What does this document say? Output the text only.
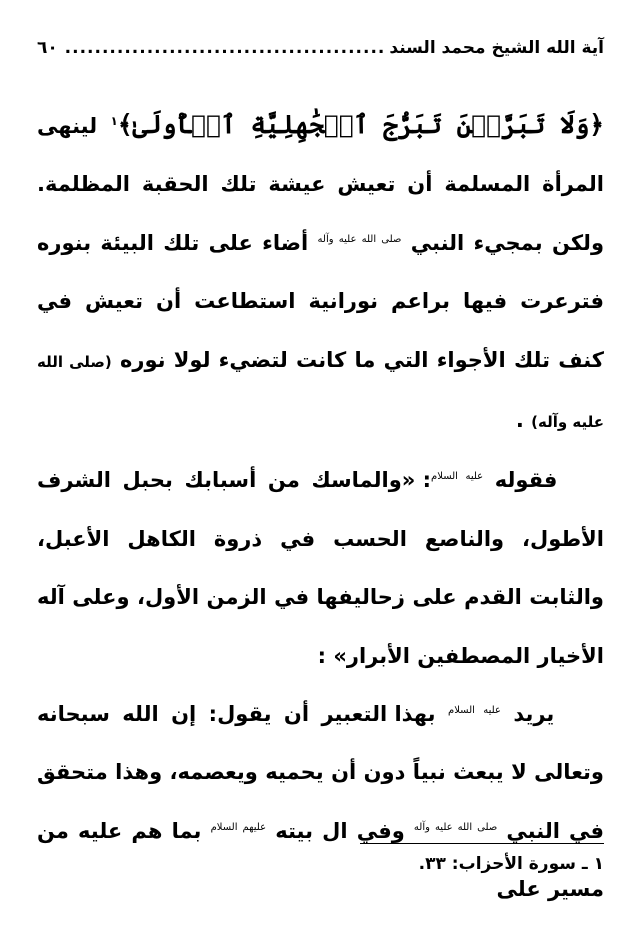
آية الله الشيخ محمد السند
.....
٦٠

﴿وَلَا تَبَرَّجۡنَ تَبَرُّجَ ٱلۡجَٰهِلِيَّةِ ٱلۡأُولَىٰ﴾$^١$ لينهى المرأة المسلمة أن تعيش عيشة تلك الحقبة المظلمة. ولكن بمجيء النبي $^{صلى الله عليه وآله}$ أضاء على تلك البيئة بنوره فترعرت فيها براعم نورانية استطاعت أن تعيش في كنف تلك الأجواء التي ما كانت لتضيء لولا نوره (صلى الله عليه وآله) .

فقوله $^{عليه السلام}$: «والماسك من أسبابك بحبل الشرف الأطول، والناصع الحسب في ذروة الكاهل الأعبل، والثابت القدم على زحاليفها في الزمن الأول، وعلى آله الأخيار المصطفين الأبرار» :

يريد $^{عليه السلام}$ بهذا التعبير أن يقول: إن الله سبحانه وتعالى لا يبعث نبياً دون أن يحميه ويعصمه، وهذا متحقق في النبي $^{صلى الله عليه وآله}$ وفي ال بيته $^{عليهم السلام}$ بما هم عليه من مسير على

١ ـ سورة الأحزاب: ٣٣.
